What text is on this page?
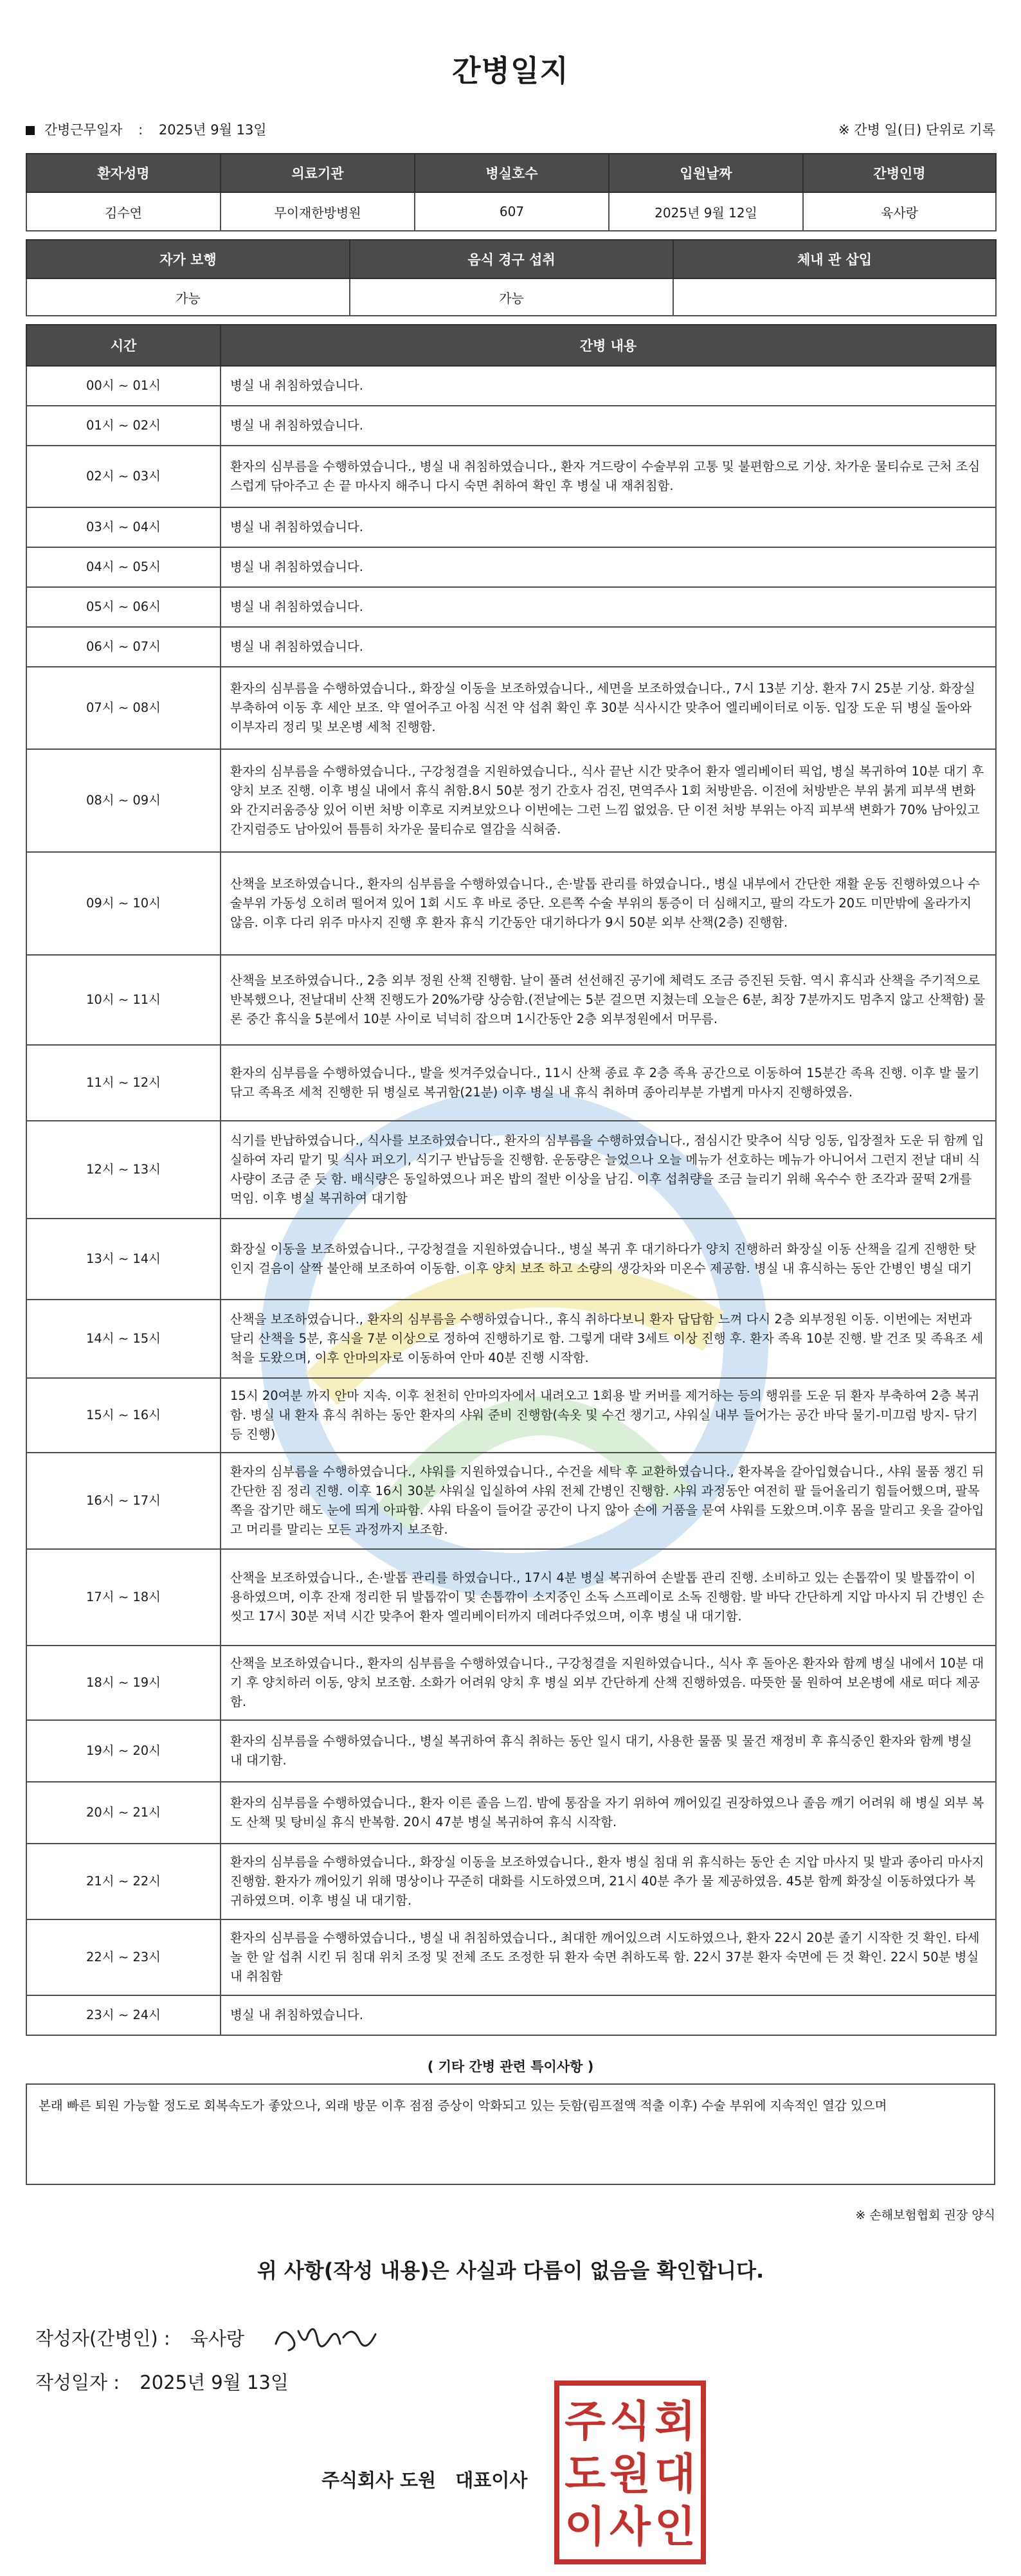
간병일지
간병근무일자 : 2025년 9월 13일	※ 간병 일(日) 단위로 기록
환자성명	의료기관	병실호수	입원날짜	간병인명
김수연	무이재한방병원	607	2025년 9월 12일	육사랑
자가 보행	음식 경구 섭취	체내 관 삽입
가능	가능	
시간	간병 내용
00시 ~ 01시	병실 내 취침하였습니다.
01시 ~ 02시	병실 내 취침하였습니다.
02시 ~ 03시	환자의 심부름을 수행하였습니다., 병실 내 취침하였습니다., 환자 겨드랑이 수술부위 고통 및 불편함으로 기상. 차가운 물티슈로 근처 조심스럽게 닦아주고 손 끝 마사지 해주니 다시 숙면 취하여 확인 후 병실 내 재취침함.
03시 ~ 04시	병실 내 취침하였습니다.
04시 ~ 05시	병실 내 취침하였습니다.
05시 ~ 06시	병실 내 취침하였습니다.
06시 ~ 07시	병실 내 취침하였습니다.
07시 ~ 08시	환자의 심부름을 수행하였습니다., 화장실 이동을 보조하였습니다., 세면을 보조하였습니다., 7시 13분 기상. 환자 7시 25분 기상. 화장실 부축하여 이동 후 세안 보조. 약 열어주고 아침 식전 약 섭취 확인 후 30분 식사시간 맞추어 엘리베이터로 이동. 입장 도운 뒤 병실 돌아와 이부자리 정리 및 보온병 세척 진행함.
08시 ~ 09시	환자의 심부름을 수행하였습니다., 구강청결을 지원하였습니다., 식사 끝난 시간 맞추어 환자 엘리베이터 픽업, 병실 복귀하여 10분 대기 후 양치 보조 진행. 이후 병실 내에서 휴식 취함.8시 50분 정기 간호사 검진, 면역주사 1회 처방받음. 이전에 처방받은 부위 붉게 피부색 변화와 간지러움증상 있어 이번 처방 이후로 지켜보았으나 이번에는 그런 느낌 없었음. 단 이전 처방 부위는 아직 피부색 변화가 70% 남아있고 간지럼증도 남아있어 틈틈히 차가운 물티슈로 열감을 식혀줌.
09시 ~ 10시	산책을 보조하였습니다., 환자의 심부름을 수행하였습니다., 손·발톱 관리를 하였습니다., 병실 내부에서 간단한 재활 운동 진행하였으나 수술부위 가동성 오히려 떨어져 있어 1회 시도 후 바로 중단. 오른쪽 수술 부위의 통증이 더 심해지고, 팔의 각도가 20도 미만밖에 올라가지 않음. 이후 다리 위주 마사지 진행 후 환자 휴식 기간동안 대기하다가 9시 50분 외부 산책(2층) 진행함.
10시 ~ 11시	산책을 보조하였습니다., 2층 외부 정원 산책 진행함. 날이 풀려 선선해진 공기에 체력도 조금 증진된 듯함. 역시 휴식과 산책을 주기적으로 반복했으나, 전날대비 산책 진행도가 20%가량 상승함.(전날에는 5분 걸으면 지쳤는데 오늘은 6분, 최장 7분까지도 멈추지 않고 산책함) 물론 중간 휴식을 5분에서 10분 사이로 넉넉히 잡으며 1시간동안 2층 외부정원에서 머무름.
11시 ~ 12시	환자의 심부름을 수행하였습니다., 발을 씻겨주었습니다., 11시 산책 종료 후 2층 족욕 공간으로 이동하여 15분간 족욕 진행. 이후 발 물기 닦고 족욕조 세척 진행한 뒤 병실로 복귀함(21분) 이후 병실 내 휴식 취하며 종아리부분 가볍게 마사지 진행하였음.
12시 ~ 13시	식기를 반납하였습니다., 식사를 보조하였습니다., 환자의 심부름을 수행하였습니다., 점심시간 맞추어 식당 잉동, 입장절차 도운 뒤 함께 입실하여 자리 맡기 및 식사 퍼오기, 식기구 반납등을 진행함. 운동량은 늘었으나 오늘 메뉴가 선호하는 메뉴가 아니어서 그런지 전날 대비 식사량이 조금 준 듯 함. 배식량은 동일하였으나 퍼온 밥의 절반 이상을 남김. 이후 섭취량을 조금 늘리기 위해 옥수수 한 조각과 꿀떡 2개를 먹임. 이후 병실 복귀하여 대기함
13시 ~ 14시	화장실 이동을 보조하였습니다., 구강청결을 지원하였습니다., 병실 복귀 후 대기하다가 양치 진행하러 화장실 이동 산책을 길게 진행한 탓인지 걸음이 살짝 불안해 보조하여 이동함. 이후 양치 보조 하고 소량의 생강차와 미온수 제공함. 병실 내 휴식하는 동안 간병인 병실 대기
14시 ~ 15시	산책을 보조하였습니다., 환자의 심부름을 수행하였습니다., 휴식 취하다보니 환자 답답함 느껴 다시 2층 외부정원 이동. 이번에는 저번과 달리 산책을 5분, 휴식을 7분 이상으로 정하여 진행하기로 함. 그렇게 대략 3세트 이상 진행 후. 환자 족욕 10분 진행. 발 건조 및 족욕조 세척을 도왔으며, 이후 안마의자로 이동하여 안마 40분 진행 시작함.
15시 ~ 16시	15시 20여분 까지 안마 지속. 이후 천천히 안마의자에서 내려오고 1회용 발 커버를 제거하는 등의 행위를 도운 뒤 환자 부축하여 2층 복귀함. 병실 내 환자 휴식 취하는 동안 환자의 샤워 준비 진행함(속옷 및 수건 챙기고, 샤워실 내부 들어가는 공간 바닥 물기-미끄럼 방지- 닦기 등 진행)
16시 ~ 17시	환자의 심부름을 수행하였습니다., 샤워를 지원하였습니다., 수건을 세탁 후 교환하였습니다., 환자복을 갈아입혔습니다., 샤워 물품 챙긴 뒤 간단한 짐 정리 진행. 이후 16시 30분 샤워실 입실하여 샤워 전체 간병인 진행함. 샤워 과정동안 여전히 팔 들어올리기 힘들어했으며, 팔목쪽을 잡기만 해도 눈에 띄게 아파함. 샤워 타올이 들어갈 공간이 나지 않아 손에 거품을 묻여 샤워를 도왔으며.이후 몸을 말리고 옷을 갈아입고 머리를 말리는 모든 과정까지 보조함.
17시 ~ 18시	산책을 보조하였습니다., 손·발톱 관리를 하였습니다., 17시 4분 병실 복귀하여 손발톱 관리 진행. 소비하고 있는 손톱깎이 및 발톱깎이 이용하였으며, 이후 잔재 정리한 뒤 발톱깎이 및 손톱깎이 소지중인 소독 스프레이로 소독 진행함. 발 바닥 간단하게 지압 마사지 뒤 간병인 손 씻고 17시 30분 저녁 시간 맞추어 환자 엘리베이터까지 데려다주었으며, 이후 병실 내 대기함.
18시 ~ 19시	산책을 보조하였습니다., 환자의 심부름을 수행하였습니다., 구강청결을 지원하였습니다., 식사 후 돌아온 환자와 함께 병실 내에서 10분 대기 후 양치하러 이동, 양치 보조함. 소화가 어려워 양치 후 병실 외부 간단하게 산책 진행하였음. 따뜻한 물 원하여 보온병에 새로 떠다 제공함.
19시 ~ 20시	환자의 심부름을 수행하였습니다., 병실 복귀하여 휴식 취하는 동안 일시 대기, 사용한 물품 및 물건 재정비 후 휴식중인 환자와 함께 병실 내 대기함.
20시 ~ 21시	환자의 심부름을 수행하였습니다., 환자 이른 졸음 느낌. 밤에 통잠을 자기 위하여 깨어있길 권장하였으나 졸음 깨기 어려워 해 병실 외부 복도 산책 및 탕비실 휴식 반복함. 20시 47분 병실 복귀하여 휴식 시작함.
21시 ~ 22시	환자의 심부름을 수행하였습니다., 화장실 이동을 보조하였습니다., 환자 병실 침대 위 휴식하는 동안 손 지압 마사지 및 발과 종아리 마사지 진행함. 환자가 깨어있기 위해 명상이나 꾸준히 대화를 시도하였으며, 21시 40분 추가 물 제공하였음. 45분 함께 화장실 이동하였다가 복귀하였으며. 이후 병실 내 대기함.
22시 ~ 23시	환자의 심부름을 수행하였습니다., 병실 내 취침하였습니다., 최대한 깨어있으려 시도하였으나, 환자 22시 20분 졸기 시작한 것 확인. 타세놀 한 알 섭취 시킨 뒤 침대 위치 조정 및 전체 조도 조정한 뒤 환자 숙면 취하도록 함. 22시 37분 환자 숙면에 든 것 확인. 22시 50분 병실 내 취침함
23시 ~ 24시	병실 내 취침하였습니다.
( 기타 간병 관련 특이사항 )
본래 빠른 퇴원 가능할 정도로 회복속도가 좋았으나, 외래 방문 이후 점점 증상이 악화되고 있는 듯함(림프절액 적출 이후) 수술 부위에 지속적인 열감 있으며
※ 손해보험협회 권장 양식
위 사항(작성 내용)은 사실과 다름이 없음을 확인합니다.
작성자(간병인) : 육사랑
작성일자 : 2025년 9월 13일
주식회사 도원 대표이사
주 식 회
도 원 대
이 사 인
